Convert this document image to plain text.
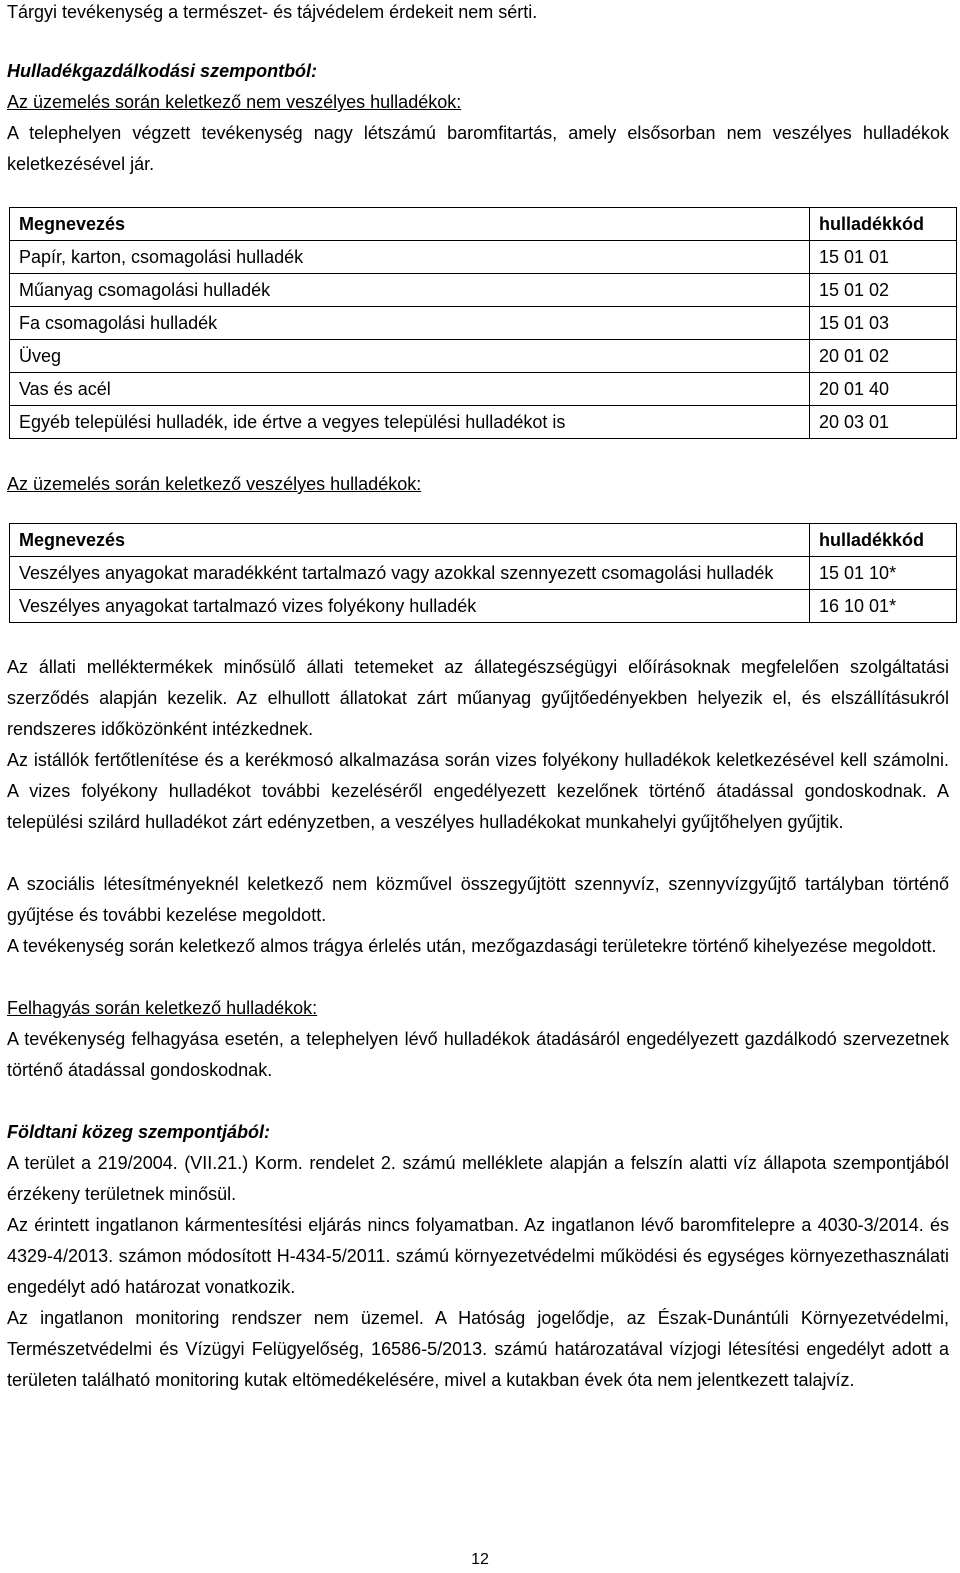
Tárgyi tevékenység a természet- és tájvédelem érdekeit nem sérti.

Hulladékgazdálkodási szempontból:

Az üzemelés során keletkező nem veszélyes hulladékok:

A telephelyen végzett tevékenység nagy létszámú baromfitartás, amely elsősorban nem veszélyes hulladékok keletkezésével jár.

Megnevezés	hulladékkód
Papír, karton, csomagolási hulladék	15 01 01
Műanyag csomagolási hulladék	15 01 02
Fa csomagolási hulladék	15 01 03
Üveg	20 01 02
Vas és acél	20 01 40
Egyéb települési hulladék, ide értve a vegyes települési hulladékot is	20 03 01

Az üzemelés során keletkező veszélyes hulladékok:

Megnevezés	hulladékkód
Veszélyes anyagokat maradékként tartalmazó vagy azokkal szennyezett csomagolási hulladék	15 01 10*
Veszélyes anyagokat tartalmazó vizes folyékony hulladék	16 10 01*

Az állati melléktermékek minősülő állati tetemeket az állategészségügyi előírásoknak megfelelően szolgáltatási szerződés alapján kezelik. Az elhullott állatokat zárt műanyag gyűjtőedényekben helyezik el, és elszállításukról rendszeres időközönként intézkednek.

Az istállók fertőtlenítése és a kerékmosó alkalmazása során vizes folyékony hulladékok keletkezésével kell számolni. A vizes folyékony hulladékot további kezeléséről engedélyezett kezelőnek történő átadással gondoskodnak. A települési szilárd hulladékot zárt edényzetben, a veszélyes hulladékokat munkahelyi gyűjtőhelyen gyűjtik.

A szociális létesítményeknél keletkező nem közművel összegyűjtött szennyvíz, szennyvízgyűjtő tartályban történő gyűjtése és további kezelése megoldott.

A tevékenység során keletkező almos trágya érlelés után, mezőgazdasági területekre történő kihelyezése megoldott.

Felhagyás során keletkező hulladékok:

A tevékenység felhagyása esetén, a telephelyen lévő hulladékok átadásáról engedélyezett gazdálkodó szervezetnek történő átadással gondoskodnak.

Földtani közeg szempontjából:

A terület a 219/2004. (VII.21.) Korm. rendelet 2. számú melléklete alapján a felszín alatti víz állapota szempontjából érzékeny területnek minősül.

Az érintett ingatlanon kármentesítési eljárás nincs folyamatban. Az ingatlanon lévő baromfitelepre a 4030-3/2014. és 4329-4/2013. számon módosított H-434-5/2011. számú környezetvédelmi működési és egységes környezethasználati engedélyt adó határozat vonatkozik.

Az ingatlanon monitoring rendszer nem üzemel. A Hatóság jogelődje, az Észak-Dunántúli Környezetvédelmi, Természetvédelmi és Vízügyi Felügyelőség, 16586-5/2013. számú határozatával vízjogi létesítési engedélyt adott a területen található monitoring kutak eltömedékelésére, mivel a kutakban évek óta nem jelentkezett talajvíz.

12
